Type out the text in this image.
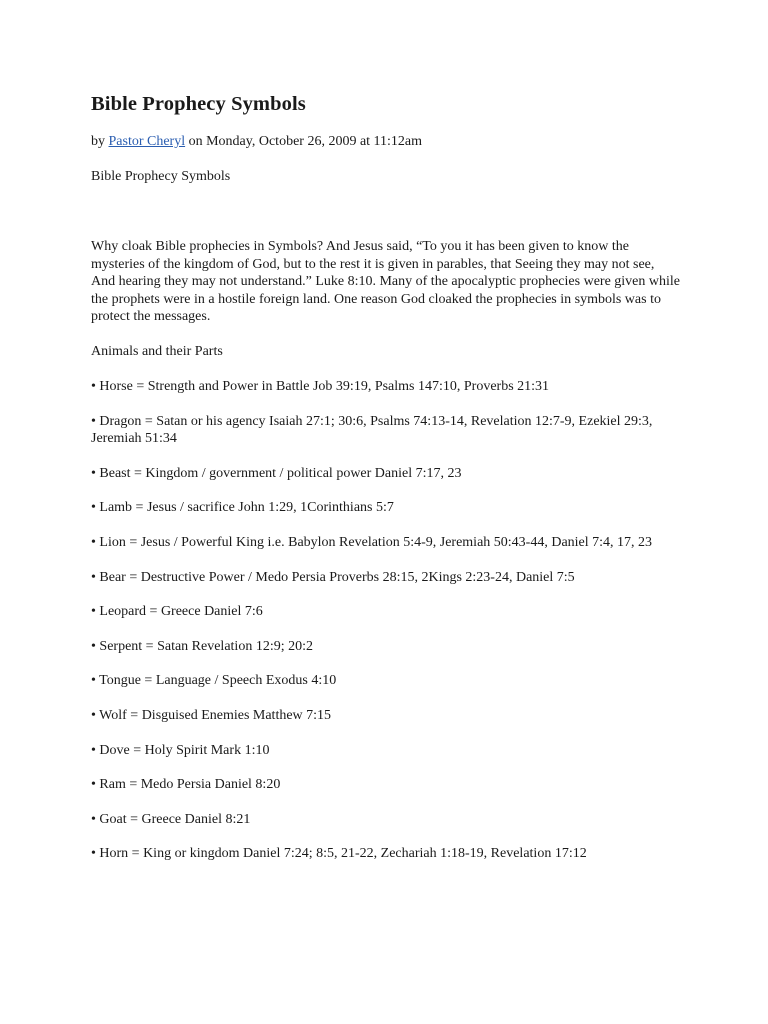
Bible Prophecy Symbols
by Pastor Cheryl on Monday, October 26, 2009 at 11:12am
Bible Prophecy Symbols
Why cloak Bible prophecies in Symbols? And Jesus said, “To you it has been given to know the mysteries of the kingdom of God, but to the rest it is given in parables, that Seeing they may not see, And hearing they may not understand.” Luke 8:10. Many of the apocalyptic prophecies were given while the prophets were in a hostile foreign land. One reason God cloaked the prophecies in symbols was to protect the messages.
Animals and their Parts
• Horse = Strength and Power in Battle Job 39:19, Psalms 147:10, Proverbs 21:31
• Dragon = Satan or his agency Isaiah 27:1; 30:6, Psalms 74:13-14, Revelation 12:7-9, Ezekiel 29:3, Jeremiah 51:34
• Beast = Kingdom / government / political power Daniel 7:17, 23
• Lamb = Jesus / sacrifice John 1:29, 1Corinthians 5:7
• Lion = Jesus / Powerful King i.e. Babylon Revelation 5:4-9, Jeremiah 50:43-44, Daniel 7:4, 17, 23
• Bear = Destructive Power / Medo Persia Proverbs 28:15, 2Kings 2:23-24, Daniel 7:5
• Leopard = Greece Daniel 7:6
• Serpent = Satan Revelation 12:9; 20:2
• Tongue = Language / Speech Exodus 4:10
• Wolf = Disguised Enemies Matthew 7:15
• Dove = Holy Spirit Mark 1:10
• Ram = Medo Persia Daniel 8:20
• Goat = Greece Daniel 8:21
• Horn = King or kingdom Daniel 7:24; 8:5, 21-22, Zechariah 1:18-19, Revelation 17:12
